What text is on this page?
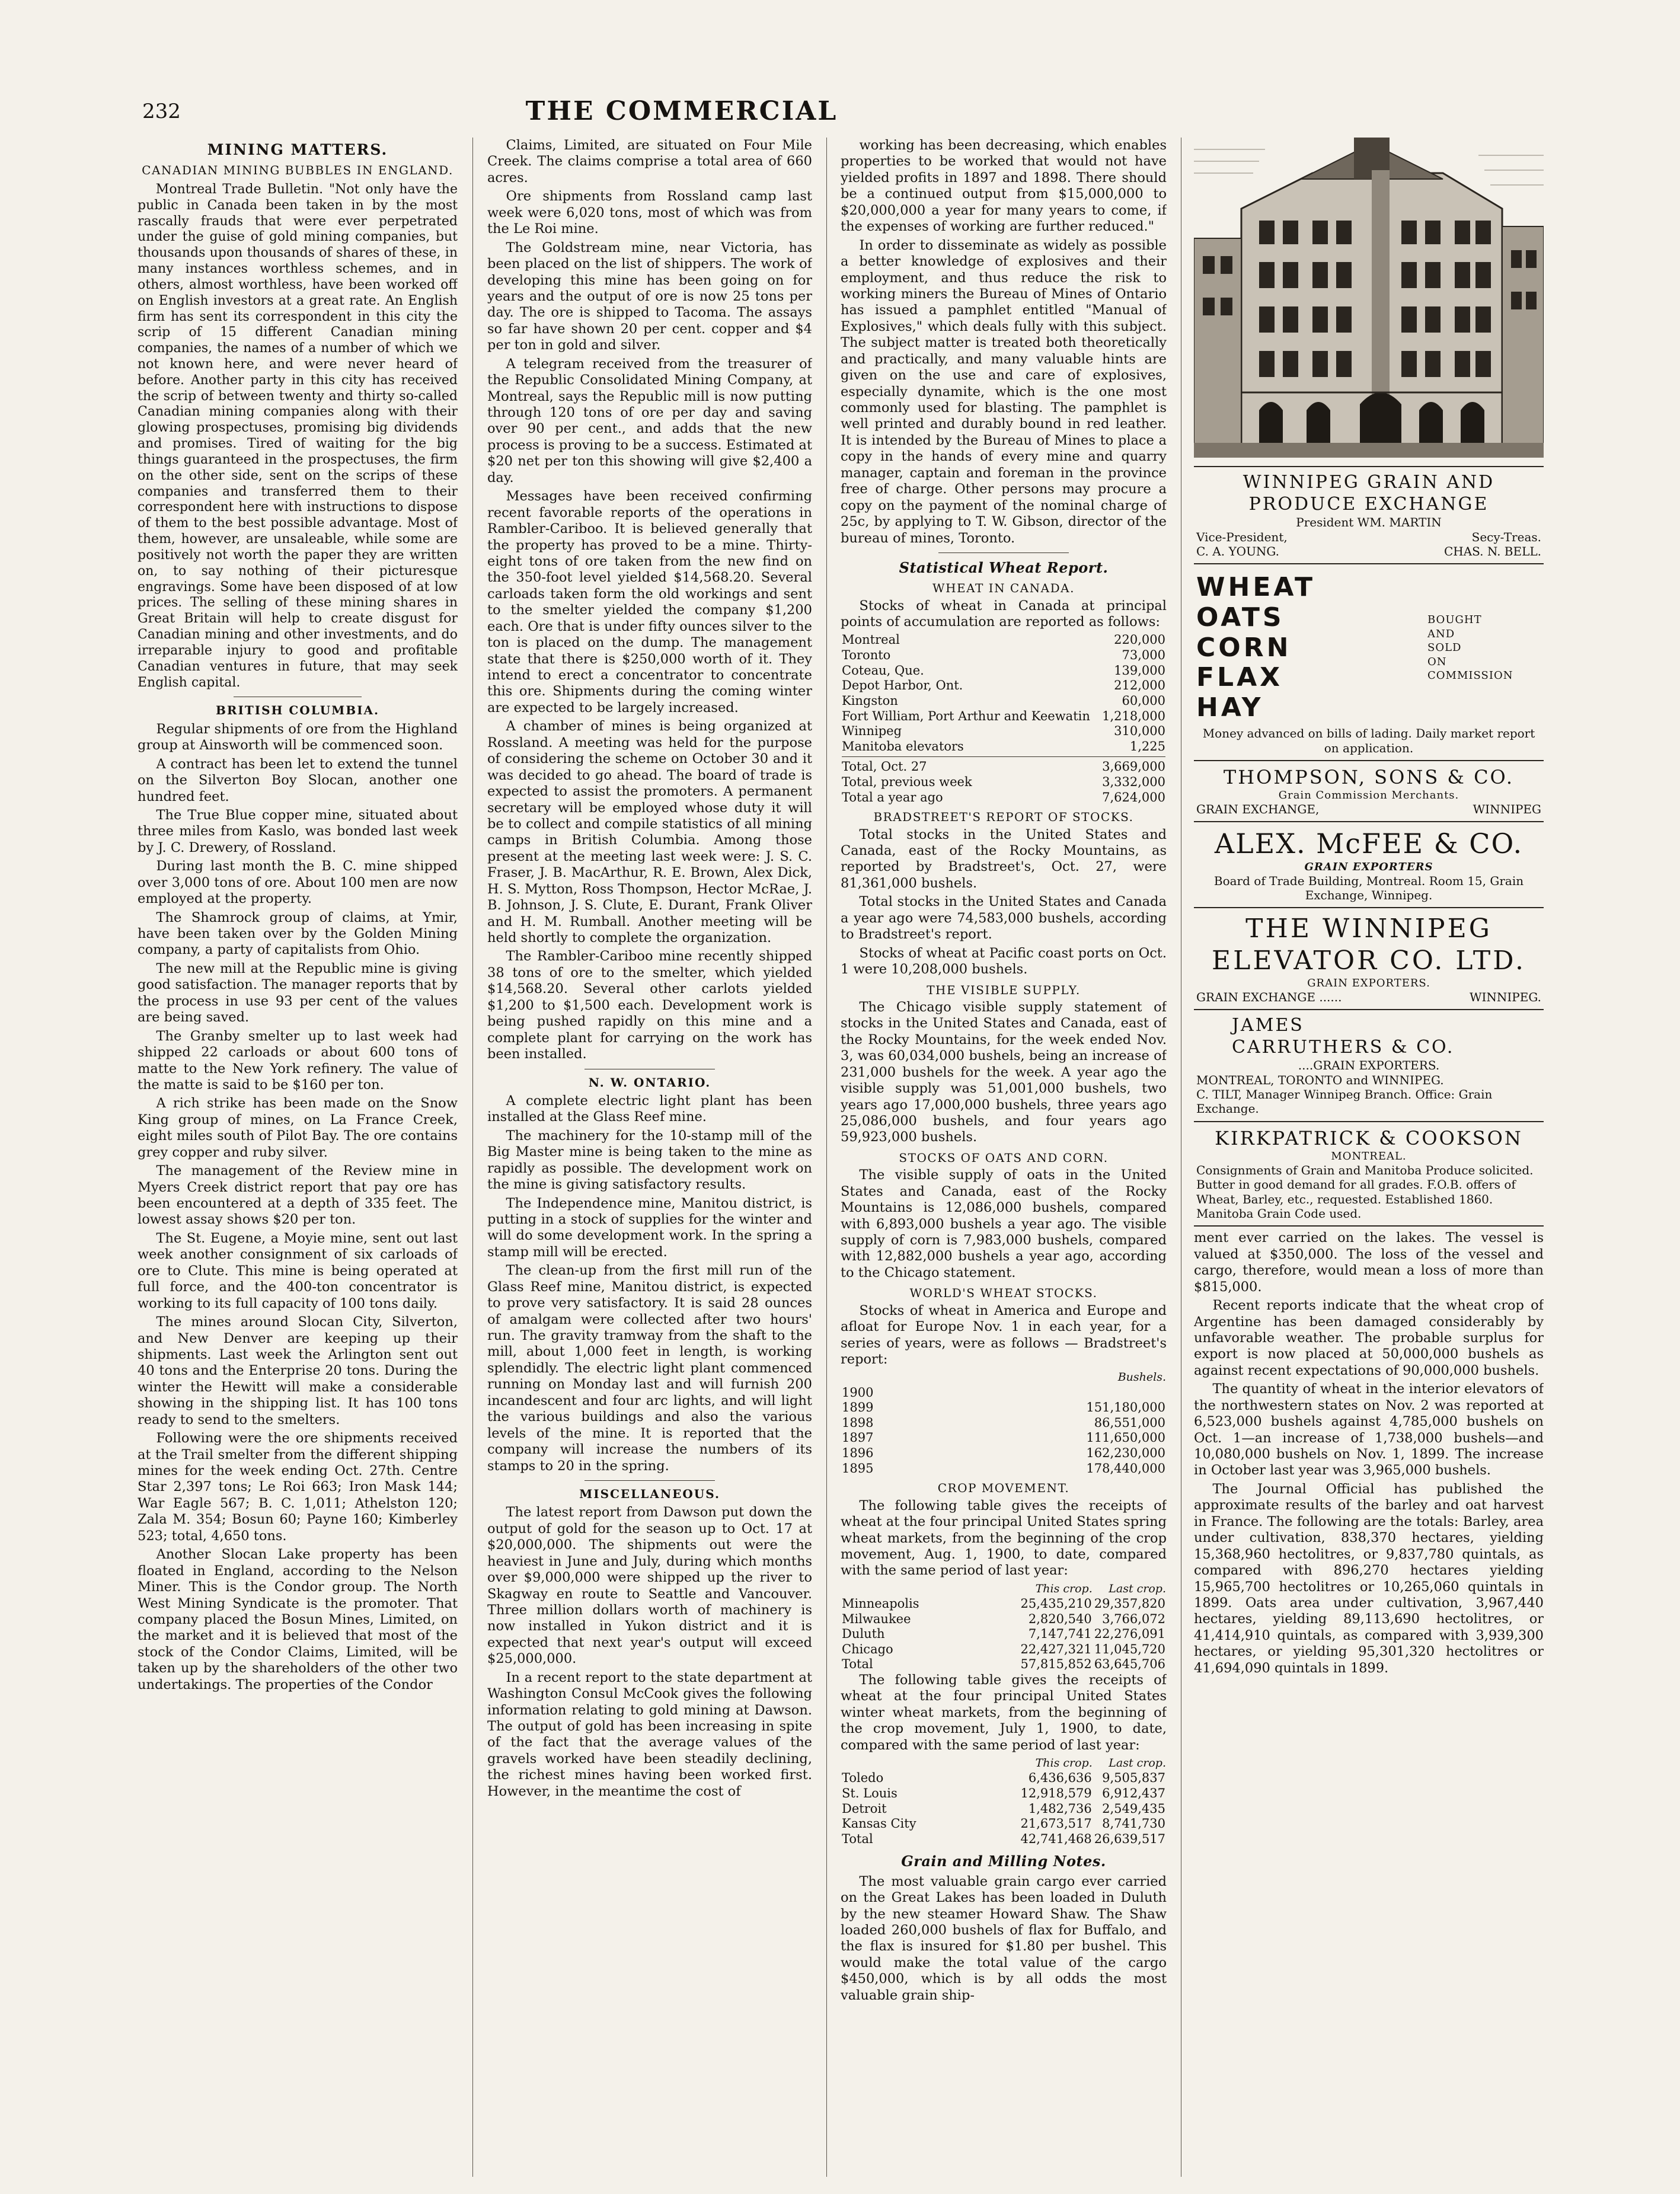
232	THE COMMERCIAL
MINING MATTERS.
CANADIAN MINING BUBBLES IN ENGLAND.

Montreal Trade Bulletin. "Not only have the public in Canada been taken in by the most rascally frauds that were ever perpetrated under the guise of gold mining companies, but thousands upon thousands of shares of these, in many instances worthless schemes, and in others, almost worthless, have been worked off on English investors at a great rate. An English firm has sent its correspondent in this city the scrip of 15 different Canadian mining companies, the names of a number of which we not known here, and were never heard of before. Another party in this city has received the scrip of between twenty and thirty so-called Canadian mining companies along with their glowing prospectuses, promising big dividends and promises. Tired of waiting for the big things guaranteed in the prospectuses, the firm on the other side, sent on the scrips of these companies and transferred them to their correspondent here with instructions to dispose of them to the best possible advantage. Most of them, however, are unsaleable, while some are positively not worth the paper they are written on, to say nothing of their picturesque engravings. Some have been disposed of at low prices. The selling of these mining shares in Great Britain will help to create disgust for Canadian mining and other investments, and do irreparable injury to good and profitable Canadian ventures in future, that may seek English capital.

BRITISH COLUMBIA.

Regular shipments of ore from the Highland group at Ainsworth will be commenced soon.

A contract has been let to extend the tunnel on the Silverton Boy Slocan, another one hundred feet.

The True Blue copper mine, situated about three miles from Kaslo, was bonded last week by J. C. Drewery, of Rossland.

During last month the B. C. mine shipped over 3,000 tons of ore. About 100 men are now employed at the property.

The Shamrock group of claims, at Ymir, have been taken over by the Golden Mining company, a party of capitalists from Ohio.

The new mill at the Republic mine is giving good satisfaction. The manager reports that by the process in use 93 per cent of the values are being saved.

The Granby smelter up to last week had shipped 22 carloads or about 600 tons of matte to the New York refinery. The value of the matte is said to be $160 per ton.

A rich strike has been made on the Snow King group of mines, on La France Creek, eight miles south of Pilot Bay. The ore contains grey copper and ruby silver.

The management of the Review mine in Myers Creek district report that pay ore has been encountered at a depth of 335 feet. The lowest assay shows $20 per ton.

The St. Eugene, a Moyie mine, sent out last week another consignment of six carloads of ore to Clute. This mine is being operated at full force, and the 400-ton concentrator is working to its full capacity of 100 tons daily.

The mines around Slocan City, Silverton, and New Denver are keeping up their shipments. Last week the Arlington sent out 40 tons and the Enterprise 20 tons. During the winter the Hewitt will make a considerable showing in the shipping list. It has 100 tons ready to send to the smelters.

Following were the ore shipments received at the Trail smelter from the different shipping mines for the week ending Oct. 27th. Centre Star 2,397 tons; Le Roi 663; Iron Mask 144; War Eagle 567; B. C. 1,011; Athelston 120; Zala M. 354; Bosun 60; Payne 160; Kimberley 523; total, 4,650 tons.

Another Slocan Lake property has been floated in England, according to the Nelson Miner. This is the Condor group. The North West Mining Syndicate is the promoter. That company placed the Bosun Mines, Limited, on the market and it is believed that most of the stock of the Condor Claims, Limited, will be taken up by the shareholders of the other two undertakings. The properties of the Condor

Claims, Limited, are situated on Four Mile Creek. The claims comprise a total area of 660 acres.

Ore shipments from Rossland camp last week were 6,020 tons, most of which was from the Le Roi mine.

The Goldstream mine, near Victoria, has been placed on the list of shippers. The work of developing this mine has been going on for years and the output of ore is now 25 tons per day. The ore is shipped to Tacoma. The assays so far have shown 20 per cent. copper and $4 per ton in gold and silver.

A telegram received from the treasurer of the Republic Consolidated Mining Company, at Montreal, says the Republic mill is now putting through 120 tons of ore per day and saving over 90 per cent., and adds that the new process is proving to be a success. Estimated at $20 net per ton this showing will give $2,400 a day.

Messages have been received confirming recent favorable reports of the operations in Rambler-Cariboo. It is believed generally that the property has proved to be a mine. Thirty-eight tons of ore taken from the new find on the 350-foot level yielded $14,568.20. Several carloads taken form the old workings and sent to the smelter yielded the company $1,200 each. Ore that is under fifty ounces silver to the ton is placed on the dump. The management state that there is $250,000 worth of it. They intend to erect a concentrator to concentrate this ore. Shipments during the coming winter are expected to be largely increased.

A chamber of mines is being organized at Rossland. A meeting was held for the purpose of considering the scheme on October 30 and it was decided to go ahead. The board of trade is expected to assist the promoters. A permanent secretary will be employed whose duty it will be to collect and compile statistics of all mining camps in British Columbia. Among those present at the meeting last week were: J. S. C. Fraser, J. B. MacArthur, R. E. Brown, Alex Dick, H. S. Mytton, Ross Thompson, Hector McRae, J. B. Johnson, J. S. Clute, E. Durant, Frank Oliver and H. M. Rumball. Another meeting will be held shortly to complete the organization.

The Rambler-Cariboo mine recently shipped 38 tons of ore to the smelter, which yielded $14,568.20. Several other carlots yielded $1,200 to $1,500 each. Development work is being pushed rapidly on this mine and a complete plant for carrying on the work has been installed.

N. W. ONTARIO.

A complete electric light plant has been installed at the Glass Reef mine.

The machinery for the 10-stamp mill of the Big Master mine is being taken to the mine as rapidly as possible. The development work on the mine is giving satisfactory results.

The Independence mine, Manitou district, is putting in a stock of supplies for the winter and will do some development work. In the spring a stamp mill will be erected.

The clean-up from the first mill run of the Glass Reef mine, Manitou district, is expected to prove very satisfactory. It is said 28 ounces of amalgam were collected after two hours' run. The gravity tramway from the shaft to the mill, about 1,000 feet in length, is working splendidly. The electric light plant commenced running on Monday last and will furnish 200 incandescent and four arc lights, and will light the various buildings and also the various levels of the mine. It is reported that the company will increase the numbers of its stamps to 20 in the spring.

MISCELLANEOUS.

The latest report from Dawson put down the output of gold for the season up to Oct. 17 at $20,000,000. The shipments out were the heaviest in June and July, during which months over $9,000,000 were shipped up the river to Skagway en route to Seattle and Vancouver. Three million dollars worth of machinery is now installed in Yukon district and it is expected that next year's output will exceed $25,000,000.

In a recent report to the state department at Washington Consul McCook gives the following information relating to gold mining at Dawson. The output of gold has been increasing in spite of the fact that the average values of the gravels worked have been steadily declining, the richest mines having been worked first. However, in the meantime the cost of

working has been decreasing, which enables properties to be worked that would not have yielded profits in 1897 and 1898. There should be a continued output from $15,000,000 to $20,000,000 a year for many years to come, if the expenses of working are further reduced."

In order to disseminate as widely as possible a better knowledge of explosives and their employment, and thus reduce the risk to working miners the Bureau of Mines of Ontario has issued a pamphlet entitled "Manual of Explosives," which deals fully with this subject. The subject matter is treated both theoretically and practically, and many valuable hints are given on the use and care of explosives, especially dynamite, which is the one most commonly used for blasting. The pamphlet is well printed and durably bound in red leather. It is intended by the Bureau of Mines to place a copy in the hands of every mine and quarry manager, captain and foreman in the province free of charge. Other persons may procure a copy on the payment of the nominal charge of 25c, by applying to T. W. Gibson, director of the bureau of mines, Toronto.

Statistical Wheat Report.
WHEAT IN CANADA.

Stocks of wheat in Canada at principal points of accumulation are reported as follows:

Montreal	220,000
Toronto	73,000
Coteau, Que.	139,000
Depot Harbor, Ont.	212,000
Kingston	60,000
Fort William, Port Arthur and Keewatin	1,218,000
Winnipeg	310,000
Manitoba elevators	1,225

Total, Oct. 27	3,669,000
Total, previous week	3,332,000
Total a year ago	7,624,000
BRADSTREET'S REPORT OF STOCKS.

Total stocks in the United States and Canada, east of the Rocky Mountains, as reported by Bradstreet's, Oct. 27, were 81,361,000 bushels.

Total stocks in the United States and Canada a year ago were 74,583,000 bushels, according to Bradstreet's report.

Stocks of wheat at Pacific coast ports on Oct. 1 were 10,208,000 bushels.

THE VISIBLE SUPPLY.

The Chicago visible supply statement of stocks in the United States and Canada, east of the Rocky Mountains, for the week ended Nov. 3, was 60,034,000 bushels, being an increase of 231,000 bushels for the week. A year ago the visible supply was 51,001,000 bushels, two years ago 17,000,000 bushels, three years ago 25,086,000 bushels, and four years ago 59,923,000 bushels.

STOCKS OF OATS AND CORN.

The visible supply of oats in the United States and Canada, east of the Rocky Mountains is 12,086,000 bushels, compared with 6,893,000 bushels a year ago. The visible supply of corn is 7,983,000 bushels, compared with 12,882,000 bushels a year ago, according to the Chicago statement.

WORLD'S WHEAT STOCKS.

Stocks of wheat in America and Europe and afloat for Europe Nov. 1 in each year, for a series of years, were as follows — Bradstreet's report:

	Bushels.
1900	
1899	151,180,000
1898	86,551,000
1897	111,650,000
1896	162,230,000
1895	178,440,000
CROP MOVEMENT.

The following table gives the receipts of wheat at the four principal United States spring wheat markets, from the beginning of the crop movement, Aug. 1, 1900, to date, compared with the same period of last year:

	This crop.	Last crop.
Minneapolis	25,435,210	29,357,820
Milwaukee	2,820,540	3,766,072
Duluth	7,147,741	22,276,091
Chicago	22,427,321	11,045,720
Total	57,815,852	63,645,706

The following table gives the receipts of wheat at the four principal United States winter wheat markets, from the beginning of the crop movement, July 1, 1900, to date, compared with the same period of last year:

	This crop.	Last crop.
Toledo	6,436,636	9,505,837
St. Louis	12,918,579	6,912,437
Detroit	1,482,736	2,549,435
Kansas City	21,673,517	8,741,730
Total	42,741,468	26,639,517
Grain and Milling Notes.

The most valuable grain cargo ever carried on the Great Lakes has been loaded in Duluth by the new steamer Howard Shaw. The Shaw loaded 260,000 bushels of flax for Buffalo, and the flax is insured for $1.80 per bushel. This would make the total value of the cargo $450,000, which is by all odds the most valuable grain ship-

WINNIPEG GRAIN AND PRODUCE EXCHANGE
President WM. MARTIN
Vice-President,	Secy-Treas.
C. A. YOUNG.	CHAS. N. BELL.
WHEAT
OATS
CORN
FLAX
HAY
BOUGHT
AND
SOLD
ON
COMMISSION
Money advanced on bills of lading. Daily market report on application.
THOMPSON, SONS & CO.
Grain Commission Merchants.
GRAIN EXCHANGE,	WINNIPEG
ALEX. McFEE & CO.
GRAIN EXPORTERS
Board of Trade Building, Montreal. Room 15, Grain Exchange, Winnipeg.
THE WINNIPEG
ELEVATOR CO. LTD.
GRAIN EXPORTERS.
GRAIN EXCHANGE ......	WINNIPEG.
JAMES
CARRUTHERS & CO.
....GRAIN EXPORTERS.
MONTREAL, TORONTO and WINNIPEG.
C. TILT, Manager Winnipeg Branch. Office: Grain Exchange.
KIRKPATRICK & COOKSON
MONTREAL.
Consignments of Grain and Manitoba Produce solicited. Butter in good demand for all grades. F.O.B. offers of Wheat, Barley, etc., requested. Established 1860. Manitoba Grain Code used.

ment ever carried on the lakes. The vessel is valued at $350,000. The loss of the vessel and cargo, therefore, would mean a loss of more than $815,000.

Recent reports indicate that the wheat crop of Argentine has been damaged considerably by unfavorable weather. The probable surplus for export is now placed at 50,000,000 bushels as against recent expectations of 90,000,000 bushels.

The quantity of wheat in the interior elevators of the northwestern states on Nov. 2 was reported at 6,523,000 bushels against 4,785,000 bushels on Oct. 1—an increase of 1,738,000 bushels—and 10,080,000 bushels on Nov. 1, 1899. The increase in October last year was 3,965,000 bushels.

The Journal Official has published the approximate results of the barley and oat harvest in France. The following are the totals: Barley, area under cultivation, 838,370 hectares, yielding 15,368,960 hectolitres, or 9,837,780 quintals, as compared with 896,270 hectares yielding 15,965,700 hectolitres or 10,265,060 quintals in 1899. Oats area under cultivation, 3,967,440 hectares, yielding 89,113,690 hectolitres, or 41,414,910 quintals, as compared with 3,939,300 hectares, or yielding 95,301,320 hectolitres or 41,694,090 quintals in 1899.
